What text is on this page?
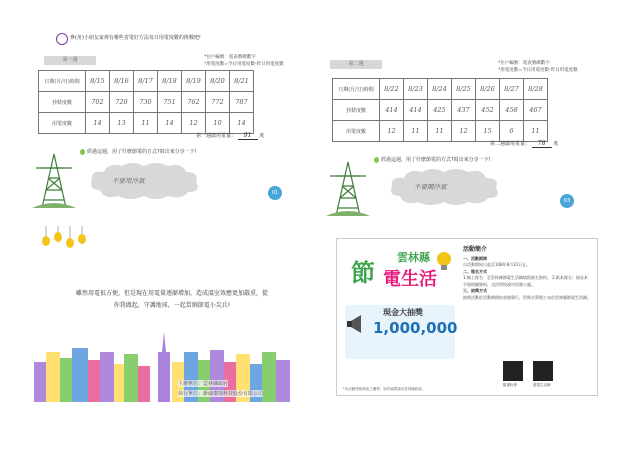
參(卅)小朋友家裡有哪些省電好方法每日用電度數的挑戰吧!
第一週	*住戶編號：電表號碼數字
*用電度數=今日用電度數-昨日用電度數
日期(月/日)時間	8/15	8/16	8/17	8/18	8/19	8/20	8/21
抄錶度數	702	720	730	751	762	772	787
用電度數	14	13	11	14	12	10	14
第一週總用電量： 91 度
經過這週，用了什麼節電的方式?寫出來分享一下!
不要用冷氣
01
第二週	*住戶編號：電表號碼數字
*用電度數=今日用電度數-昨日用電度數
日期(月/日)時間	8/22	8/23	8/24	8/25	8/26	8/27	8/28
抄錶度數	414	414	425	437	452	458	467
用電度數	12	11	11	12	15	6	11
第二週總用電量： 78 度
經過這週，用了什麼節電的方式?寫出來分享一下!
不要開冷氣
03
雖然用電很方便，但是現在用電量逐漸增加，造成溫室效應更加嚴重，從
你我做起，守護地球，一起當個節電小尖兵!
主辦單位：雲林縣政府
執行單位：新威環境科技股份有限公司
雲林縣
節 電生活
現金大抽獎
1,000,000
活動簡介
一、活動期間
自活動開始日起至108年8月31日止。
二、報名方式
1.線上報名：至雲林縣節電生活網填寫報名資料。 2.紙本報名：填妥本手冊相關資料，交回學校或村里辦公處。
三、抽獎方式
抽獎活動於活動期間結束後舉行，得獎名單將公布於雲林縣節電生活網。
臉書粉專	節電生活網
*本活動保留修改之權利，如有疑問請洽雲林縣政府。
